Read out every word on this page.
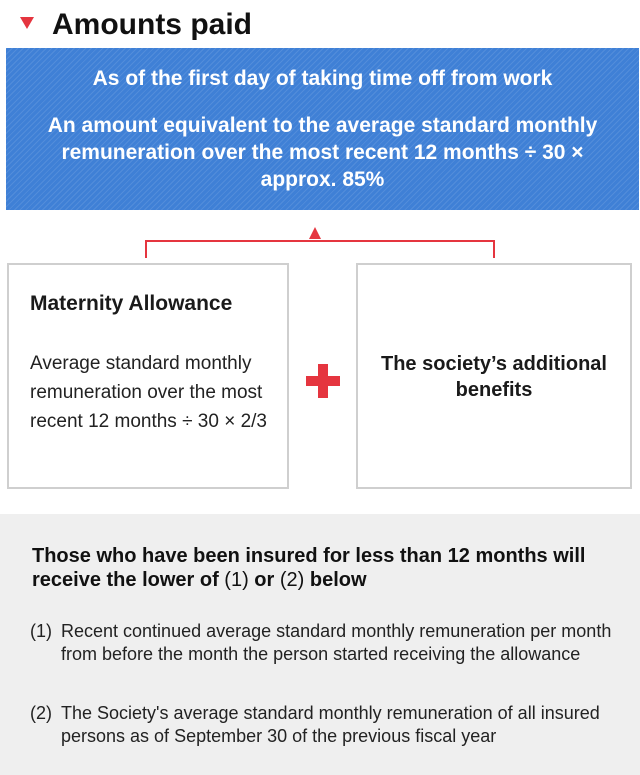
Amounts paid
As of the first day of taking time off from work
An amount equivalent to the average standard monthly remuneration over the most recent 12 months ÷ 30 × approx. 85%
Maternity Allowance
Average standard monthly remuneration over the most recent 12 months ÷ 30 × 2/3
The society’s additional benefits
Those who have been insured for less than 12 months will receive the lower of (1) or (2) below
(1) Recent continued average standard monthly remuneration per month from before the month the person started receiving the allowance
(2) The Society's average standard monthly remuneration of all insured persons as of September 30 of the previous fiscal year
